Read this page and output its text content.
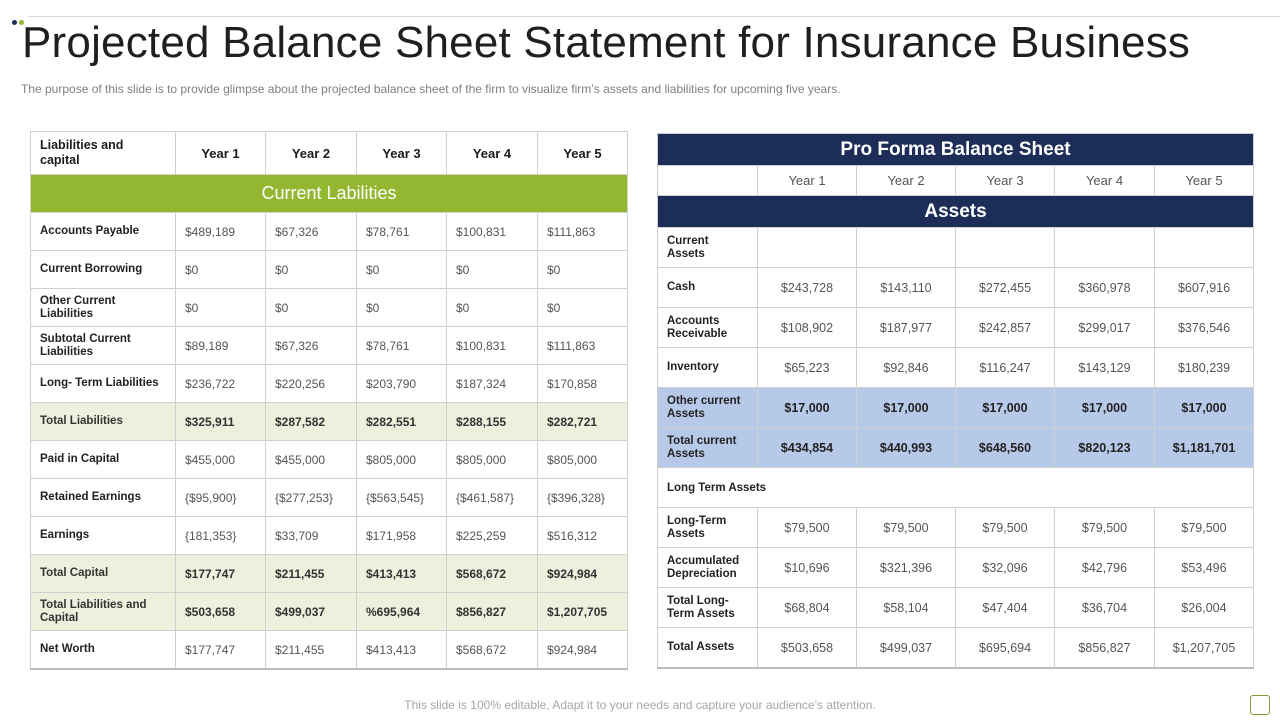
Projected Balance Sheet Statement for Insurance Business
The purpose of this slide is to provide glimpse about the projected balance sheet of the firm to visualize firm’s assets and liabilities for upcoming five years.
Liabilities and capital	Year 1	Year 2	Year 3	Year 4	Year 5
Current Labilities					
Accounts Payable	$489,189	$67,326	$78,761	$100,831	$111,863
Current Borrowing	$0	$0	$0	$0	$0
Other Current Liabilities	$0	$0	$0	$0	$0
Subtotal Current Liabilities	$89,189	$67,326	$78,761	$100,831	$111,863
Long- Term Liabilities	$236,722	$220,256	$203,790	$187,324	$170,858
Total Liabilities	$325,911	$287,582	$282,551	$288,155	$282,721
Paid in Capital	$455,000	$455,000	$805,000	$805,000	$805,000
Retained Earnings	{$95,900}	{$277,253}	{$563,545}	{$461,587}	{$396,328}
Earnings	{181,353}	$33,709	$171,958	$225,259	$516,312
Total Capital	$177,747	$211,455	$413,413	$568,672	$924,984
Total Liabilities and Capital	$503,658	$499,037	%695,964	$856,827	$1,207,705
Net Worth	$177,747	$211,455	$413,413	$568,672	$924,984
Pro Forma Balance Sheet					
	Year 1	Year 2	Year 3	Year 4	Year 5
Assets					
Current Assets					
Cash	$243,728	$143,110	$272,455	$360,978	$607,916
Accounts Receivable	$108,902	$187,977	$242,857	$299,017	$376,546
Inventory	$65,223	$92,846	$116,247	$143,129	$180,239
Other current Assets	$17,000	$17,000	$17,000	$17,000	$17,000
Total current Assets	$434,854	$440,993	$648,560	$820,123	$1,181,701
Long Term Assets					
Long-Term Assets	$79,500	$79,500	$79,500	$79,500	$79,500
Accumulated Depreciation	$10,696	$321,396	$32,096	$42,796	$53,496
Total Long-Term Assets	$68,804	$58,104	$47,404	$36,704	$26,004
Total Assets	$503,658	$499,037	$695,694	$856,827	$1,207,705
This slide is 100% editable, Adapt it to your needs and capture your audience’s attention.
